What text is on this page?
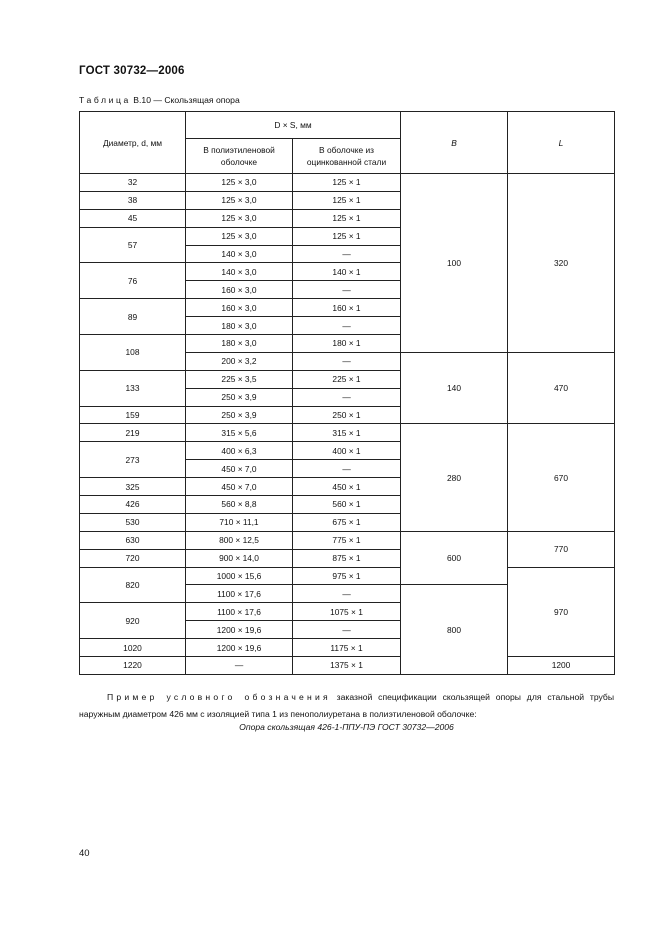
ГОСТ 30732—2006
Таблица В.10 — Скользящая опора
Диаметр, d, мм	D × S, мм		B	L
	В полиэтиленовой оболочке	В оболочке из оцинкованной стали		
32	125 × 3,0	125 × 1	100	320
38	125 × 3,0	125 × 1		
45	125 × 3,0	125 × 1		
57	125 × 3,0	125 × 1		
	140 × 3,0	—		
76	140 × 3,0	140 × 1		
	160 × 3,0	—		
89	160 × 3,0	160 × 1		
	180 × 3,0	—		
108	180 × 3,0	180 × 1		
	200 × 3,2	—	140	470
133	225 × 3,5	225 × 1		
	250 × 3,9	—		
159	250 × 3,9	250 × 1		
219	315 × 5,6	315 × 1	280	670
273	400 × 6,3	400 × 1		
	450 × 7,0	—		
325	450 × 7,0	450 × 1		
426	560 × 8,8	560 × 1		
530	710 × 11,1	675 × 1		
630	800 × 12,5	775 × 1	600	770
720	900 × 14,0	875 × 1		
820	1000 × 15,6	975 × 1		970
	1100 × 17,6	—	800	
920	1100 × 17,6	1075 × 1		
	1200 × 19,6	—		
1020	1200 × 19,6	1175 × 1		
1220	—	1375 × 1		1200
Пример условного обозначения заказной спецификации скользящей опоры для стальной трубы наружным диаметром 426 мм с изоляцией типа 1 из пенополиуретана в полиэтиленовой оболочке:
Опора скользящая 426-1-ППУ-ПЭ ГОСТ 30732—2006
40
